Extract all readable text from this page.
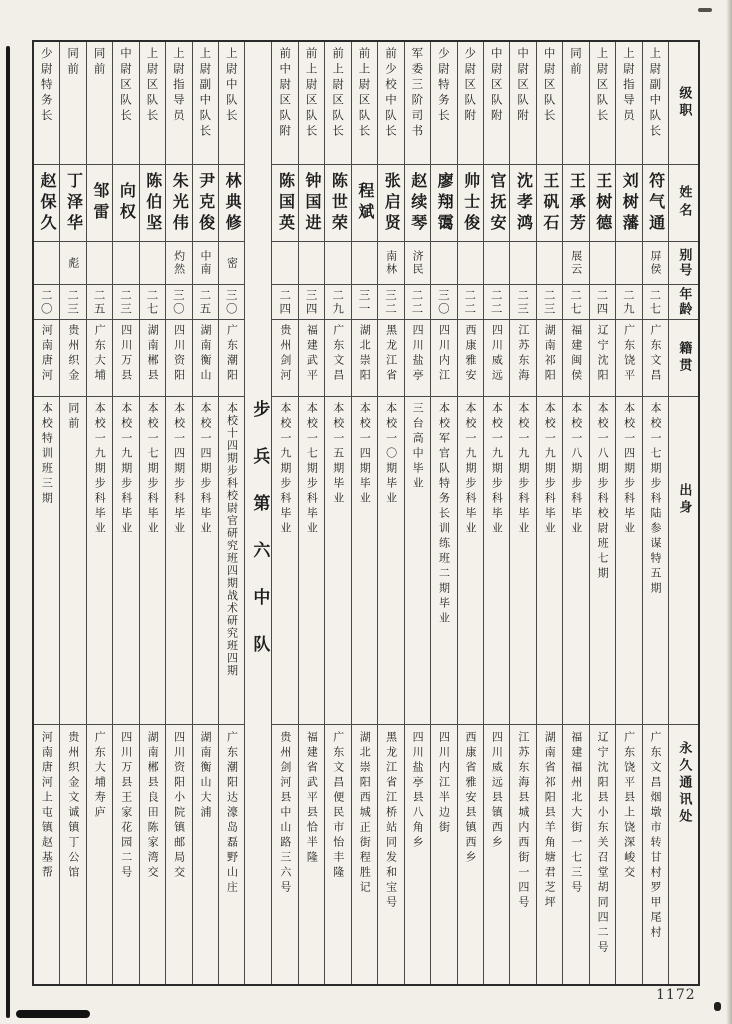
级职
姓名
别号
年龄
籍贯
出身
永久通讯处
上尉副中队长
符气通
屏侯
二七
广东文昌
本校一七期步科陆参谋特五期
广东文昌烟墩市转甘村罗甲尾村
上尉指导员
刘树藩
二九
广东饶平
本校一四期步科毕业
广东饶平县上饶深峻交
上尉区队长
王树德
二四
辽宁沈阳
本校一八期步科校尉班七期
辽宁沈阳县小东关召堂胡同四二号
同前
王承芳
展云
二七
福建闽侯
本校一八期步科毕业
福建福州北大街一七三号
中尉区队长
王矾石
二三
湖南祁阳
本校一九期步科毕业
湖南省祁阳县羊角塘君芝坪
中尉区队附
沈孝鸿
二三
江苏东海
本校一九期步科毕业
江苏东海县城内西街一四号
中尉区队附
官抚安
二二
四川威远
本校一九期步科毕业
四川威远县镇西乡
少尉区队附
帅士俊
二二
西康雅安
本校一九期步科毕业
西康省雅安县镇西乡
少尉特务长
廖翔霭
三〇
四川内江
本校军官队特务长训练班二期毕业
四川内江半边街
军委三阶司书
赵续琴
济民
二二
四川盐亭
三台高中毕业
四川盐亭县八角乡
前少校中队长
张启贤
南林
三二
黑龙江省
本校一〇期毕业
黑龙江省江桥站同发和宝号
前上尉区队长
程斌
三一
湖北崇阳
本校一四期毕业
湖北崇阳西城正街程胜记
前上尉区队长
陈世荣
二九
广东文昌
本校一五期毕业
广东文昌便民市怡丰隆
前上尉区队长
钟国进
三四
福建武平
本校一七期步科毕业
福建省武平县恰半隆
前中尉区队附
陈国英
二四
贵州剑河
本校一九期步科毕业
贵州剑河县中山路三六号
步兵第六中队
上尉中队长
林典修
密
三〇
广东潮阳
本校十四期步科校尉官研究班四期战术研究班四期
广东潮阳达濠岛磊野山庄
上尉副中队长
尹克俊
中南
二五
湖南衡山
本校一四期步科毕业
湖南衡山大浦
上尉指导员
朱光伟
灼然
三〇
四川资阳
本校一四期步科毕业
四川资阳小院镇邮局交
上尉区队长
陈伯坚
二七
湖南郴县
本校一七期步科毕业
湖南郴县良田陈家湾交
中尉区队长
向权
二三
四川万县
本校一九期步科毕业
四川万县王家花园二号
同前
邹雷
二五
广东大埔
本校一九期步科毕业
广东大埔寿庐
同前
丁泽华
彪
二三
贵州织金
同前
贵州织金文诚镇丁公馆
少尉特务长
赵保久
二〇
河南唐河
本校特训班三期
河南唐河上屯镇赵基帮
1172
